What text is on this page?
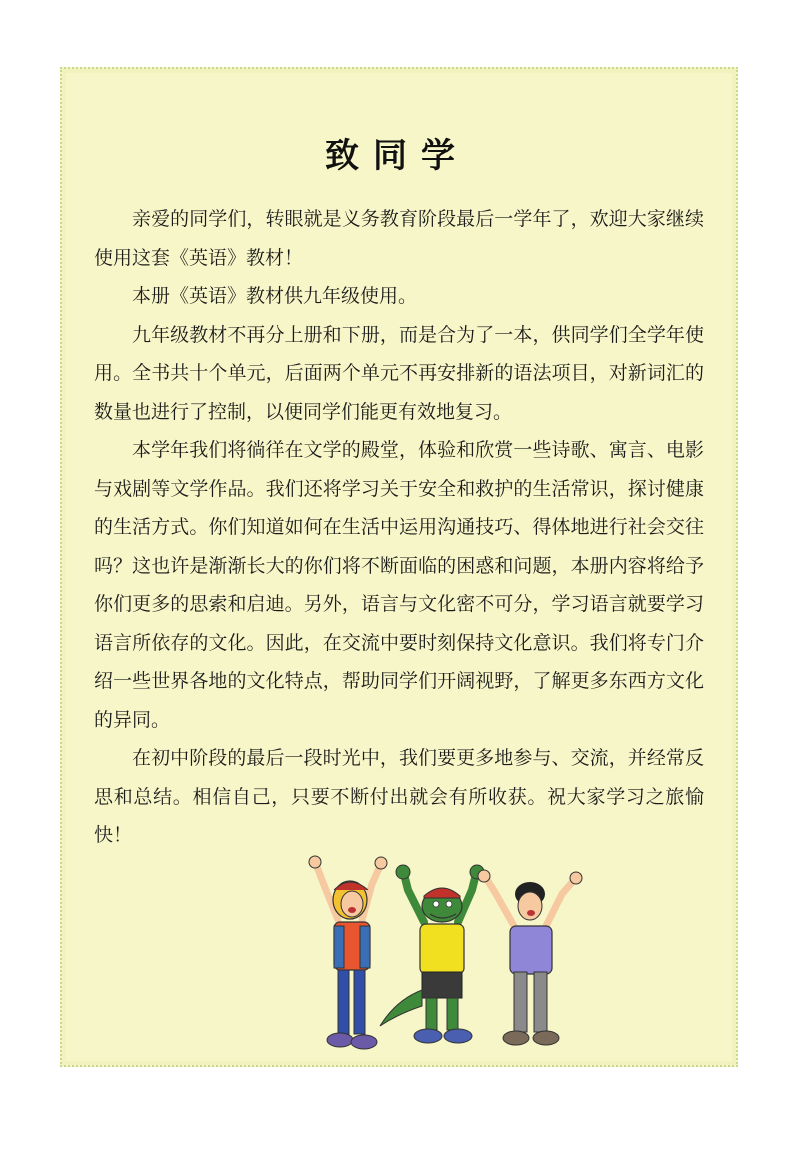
致同学

亲爱的同学们，转眼就是义务教育阶段最后一学年了，欢迎大家继续使用这套《英语》教材！

本册《英语》教材供九年级使用。

九年级教材不再分上册和下册，而是合为了一本，供同学们全学年使用。全书共十个单元，后面两个单元不再安排新的语法项目，对新词汇的数量也进行了控制，以便同学们能更有效地复习。

本学年我们将徜徉在文学的殿堂，体验和欣赏一些诗歌、寓言、电影与戏剧等文学作品。我们还将学习关于安全和救护的生活常识，探讨健康的生活方式。你们知道如何在生活中运用沟通技巧、得体地进行社会交往吗？这也许是渐渐长大的你们将不断面临的困惑和问题，本册内容将给予你们更多的思索和启迪。另外，语言与文化密不可分，学习语言就要学习语言所依存的文化。因此，在交流中要时刻保持文化意识。我们将专门介绍一些世界各地的文化特点，帮助同学们开阔视野，了解更多东西方文化的异同。

在初中阶段的最后一段时光中，我们要更多地参与、交流，并经常反思和总结。相信自己，只要不断付出就会有所收获。祝大家学习之旅愉快！
